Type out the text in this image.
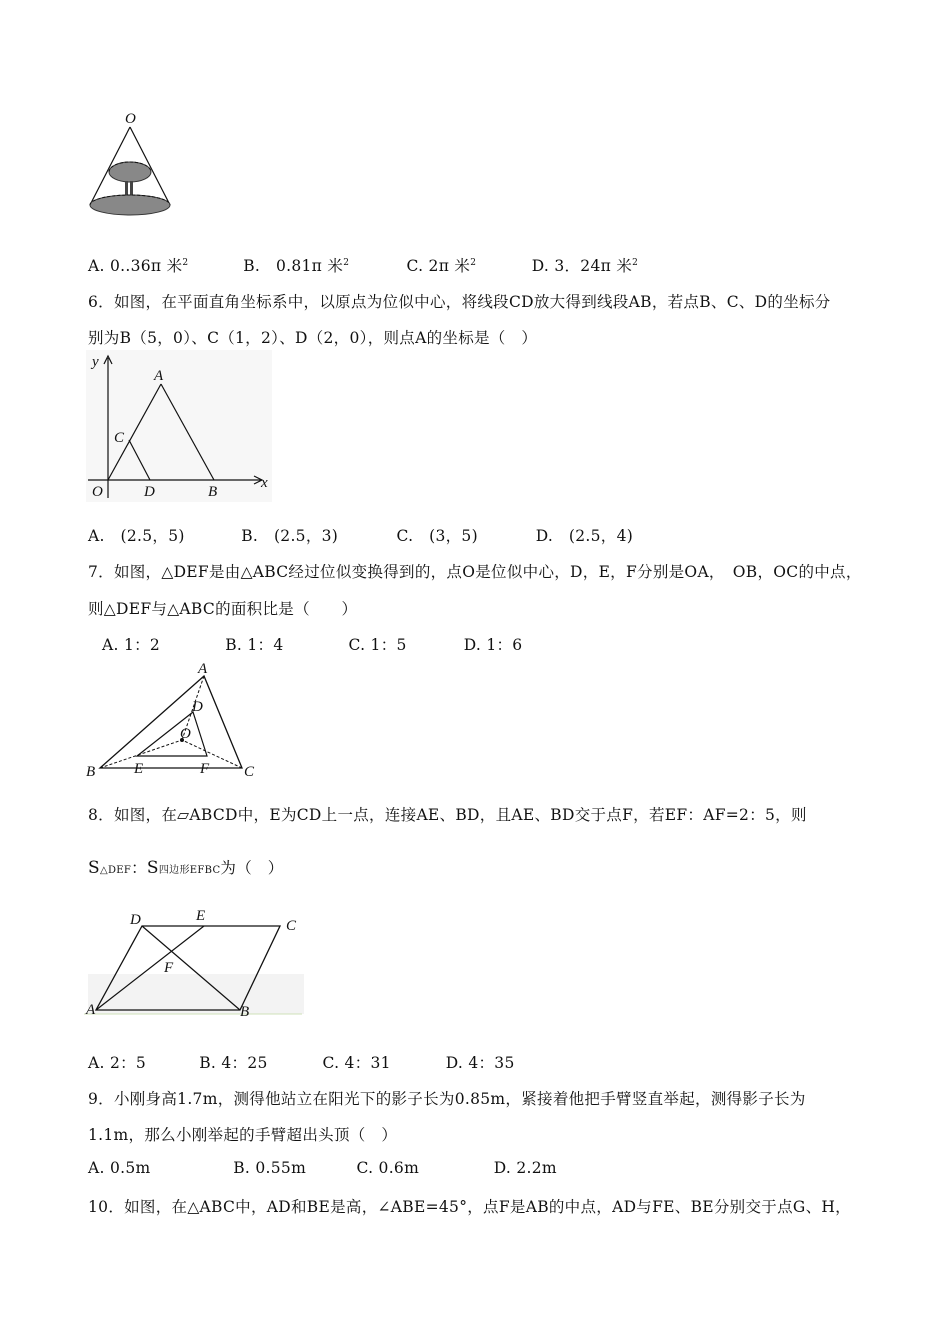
O
A. 0..36π 米$^2$	B.　0.81π 米$^2$	C. 2π 米$^2$	D. 3．24π 米$^2$
6．如图，在平面直角坐标系中，以原点为位似中心，将线段CD放大得到线段AB，若点B、C、D的坐标分
别为B（5，0）、C（1，2）、D（2，0），则点A的坐标是（　）
y
A
C
O	D	B
x
A.　(2.5，5)	B.　(2.5，3)	C.　(3，5)	D.　(2.5，4)
7．如图，△DEF是由△ABC经过位似变换得到的，点O是位似中心，D，E，F分别是OA，　OB，OC的中点，
则△DEF与△ABC的面积比是（　　）
A. 1：2	B. 1：4	C. 1：5	D. 1：6
A
D
O
B	E	F C
8．如图，在▱ABCD中，E为CD上一点，连接AE、BD，且AE、BD交于点F，若EF：AF=2：5，则
S△DEF：S四边形EFBC为（　）
D	E
C
F
A	B
A. 2：5	B. 4：25	C. 4：31	D. 4：35
9．小刚身高1.7m，测得他站立在阳光下的影子长为0.85m，紧接着他把手臂竖直举起，测得影子长为
1.1m，那么小刚举起的手臂超出头顶（　）
A. 0.5m	B. 0.55m	C. 0.6m	D. 2.2m
10．如图，在△ABC中，AD和BE是高，∠ABE=45°，点F是AB的中点，AD与FE、BE分别交于点G、H，
